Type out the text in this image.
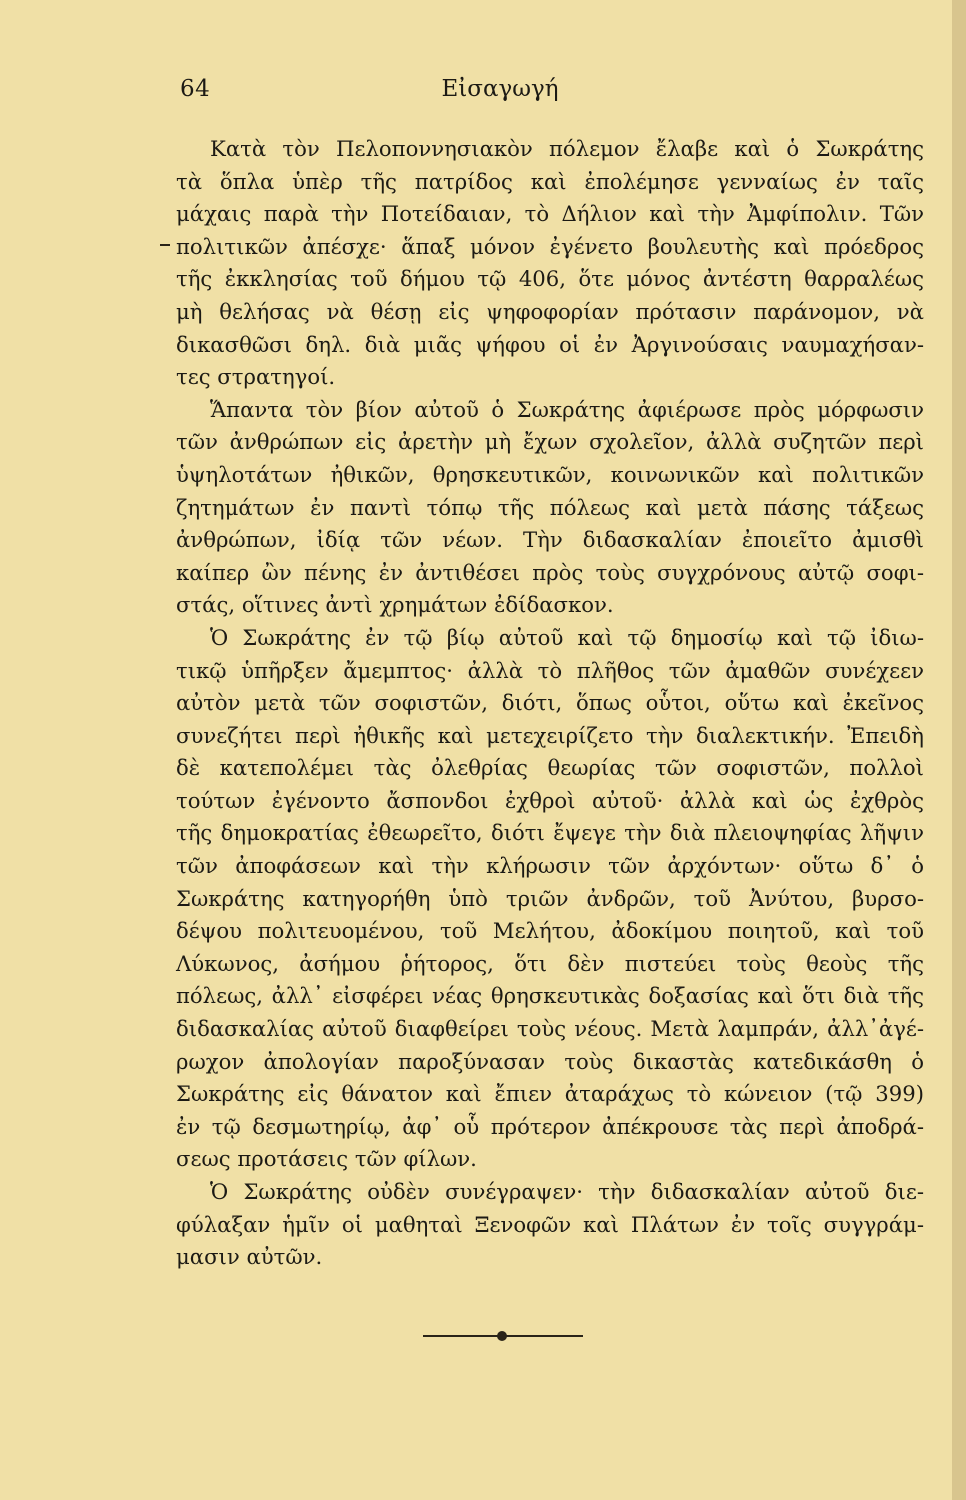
64	Εἰσαγωγή
Κατὰ τὸν Πελοποννησιακὸν πόλεμον ἔλαβε καὶ ὁ Σωκράτης
τὰ ὅπλα ὑπὲρ τῆς πατρίδος καὶ ἐπολέμησε γενναίως ἐν ταῖς
μάχαις παρὰ τὴν Ποτείδαιαν, τὸ Δήλιον καὶ τὴν Ἀμφίπολιν. Τῶν
πολιτικῶν ἀπέσχε· ἅπαξ μόνον ἐγένετο βουλευτὴς καὶ πρόεδρος
τῆς ἐκκλησίας τοῦ δήμου τῷ 406, ὅτε μόνος ἀντέστη θαρραλέως
μὴ θελήσας νὰ θέσῃ εἰς ψηφοφορίαν πρότασιν παράνομον, νὰ
δικασθῶσι δηλ. διὰ μιᾶς ψήφου οἱ ἐν Ἀργινούσαις ναυμαχήσαν-
τες στρατηγοί.
Ἅπαντα τὸν βίον αὐτοῦ ὁ Σωκράτης ἀφιέρωσε πρὸς μόρφωσιν
τῶν ἀνθρώπων εἰς ἀρετὴν μὴ ἔχων σχολεῖον, ἀλλὰ συζητῶν περὶ
ὑψηλοτάτων ἠθικῶν, θρησκευτικῶν, κοινωνικῶν καὶ πολιτικῶν
ζητημάτων ἐν παντὶ τόπῳ τῆς πόλεως καὶ μετὰ πάσης τάξεως
ἀνθρώπων, ἰδίᾳ τῶν νέων. Τὴν διδασκαλίαν ἐποιεῖτο ἀμισθὶ
καίπερ ὢν πένης ἐν ἀντιθέσει πρὸς τοὺς συγχρόνους αὐτῷ σοφι-
στάς, οἵτινες ἀντὶ χρημάτων ἐδίδασκον.
Ὁ Σωκράτης ἐν τῷ βίῳ αὐτοῦ καὶ τῷ δημοσίῳ καὶ τῷ ἰδιω-
τικῷ ὑπῆρξεν ἄμεμπτος· ἀλλὰ τὸ πλῆθος τῶν ἀμαθῶν συνέχεεν
αὐτὸν μετὰ τῶν σοφιστῶν, διότι, ὅπως οὗτοι, οὕτω καὶ ἐκεῖνος
συνεζήτει περὶ ἠθικῆς καὶ μετεχειρίζετο τὴν διαλεκτικήν. Ἐπειδὴ
δὲ κατεπολέμει τὰς ὀλεθρίας θεωρίας τῶν σοφιστῶν, πολλοὶ
τούτων ἐγένοντο ἄσπονδοι ἐχθροὶ αὐτοῦ· ἀλλὰ καὶ ὡς ἐχθρὸς
τῆς δημοκρατίας ἐθεωρεῖτο, διότι ἔψεγε τὴν διὰ πλειοψηφίας λῆψιν
τῶν ἀποφάσεων καὶ τὴν κλήρωσιν τῶν ἀρχόντων· οὕτω δ᾽ ὁ
Σωκράτης κατηγορήθη ὑπὸ τριῶν ἀνδρῶν, τοῦ Ἀνύτου, βυρσο-
δέψου πολιτευομένου, τοῦ Μελήτου, ἀδοκίμου ποιητοῦ, καὶ τοῦ
Λύκωνος, ἀσήμου ῥήτορος, ὅτι δὲν πιστεύει τοὺς θεοὺς τῆς
πόλεως, ἀλλ᾽ εἰσφέρει νέας θρησκευτικὰς δοξασίας καὶ ὅτι διὰ τῆς
διδασκαλίας αὐτοῦ διαφθείρει τοὺς νέους. Μετὰ λαμπράν, ἀλλ᾽ἀγέ-
ρωχον ἀπολογίαν παροξύνασαν τοὺς δικαστὰς κατεδικάσθη ὁ
Σωκράτης εἰς θάνατον καὶ ἔπιεν ἀταράχως τὸ κώνειον (τῷ 399)
ἐν τῷ δεσμωτηρίῳ, ἀφ᾽ οὗ πρότερον ἀπέκρουσε τὰς περὶ ἀποδρά-
σεως προτάσεις τῶν φίλων.
Ὁ Σωκράτης οὐδὲν συνέγραψεν· τὴν διδασκαλίαν αὐτοῦ διε-
φύλαξαν ἡμῖν οἱ μαθηταὶ Ξενοφῶν καὶ Πλάτων ἐν τοῖς συγγράμ-
μασιν αὐτῶν.
